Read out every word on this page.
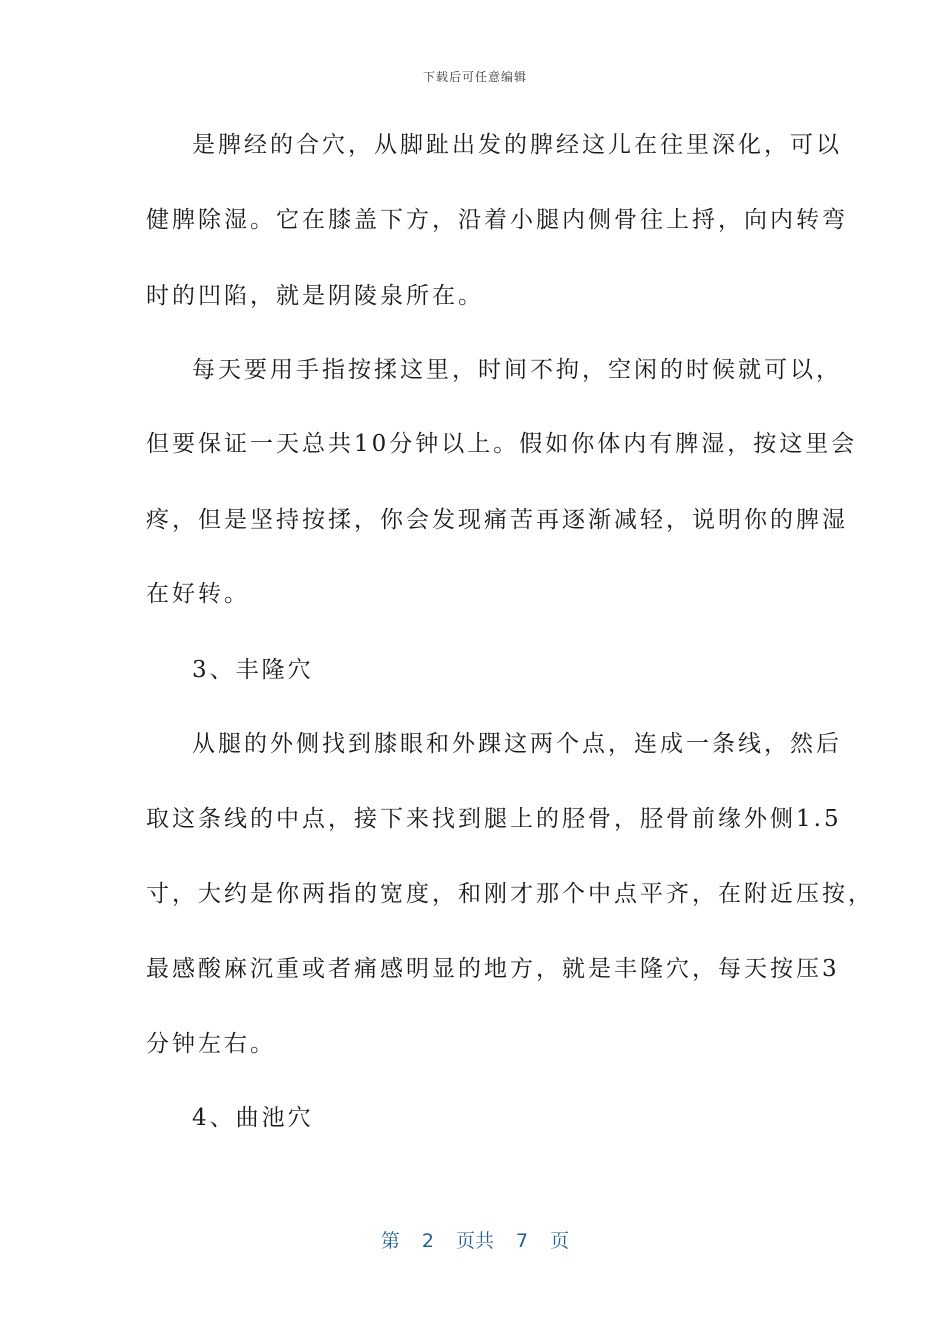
下载后可任意编辑
是脾经的合穴，从脚趾出发的脾经这儿在往里深化，可以
健脾除湿。它在膝盖下方，沿着小腿内侧骨往上捋，向内转弯
时的凹陷，就是阴陵泉所在。
每天要用手指按揉这里，时间不拘，空闲的时候就可以，
但要保证一天总共10分钟以上。假如你体内有脾湿，按这里会
疼，但是坚持按揉，你会发现痛苦再逐渐减轻，说明你的脾湿
在好转。
3、丰隆穴
从腿的外侧找到膝眼和外踝这两个点，连成一条线，然后
取这条线的中点，接下来找到腿上的胫骨，胫骨前缘外侧1.5
寸，大约是你两指的宽度，和刚才那个中点平齐，在附近压按，
最感酸麻沉重或者痛感明显的地方，就是丰隆穴，每天按压3
分钟左右。
4、曲池穴
第 2 页共 7 页
